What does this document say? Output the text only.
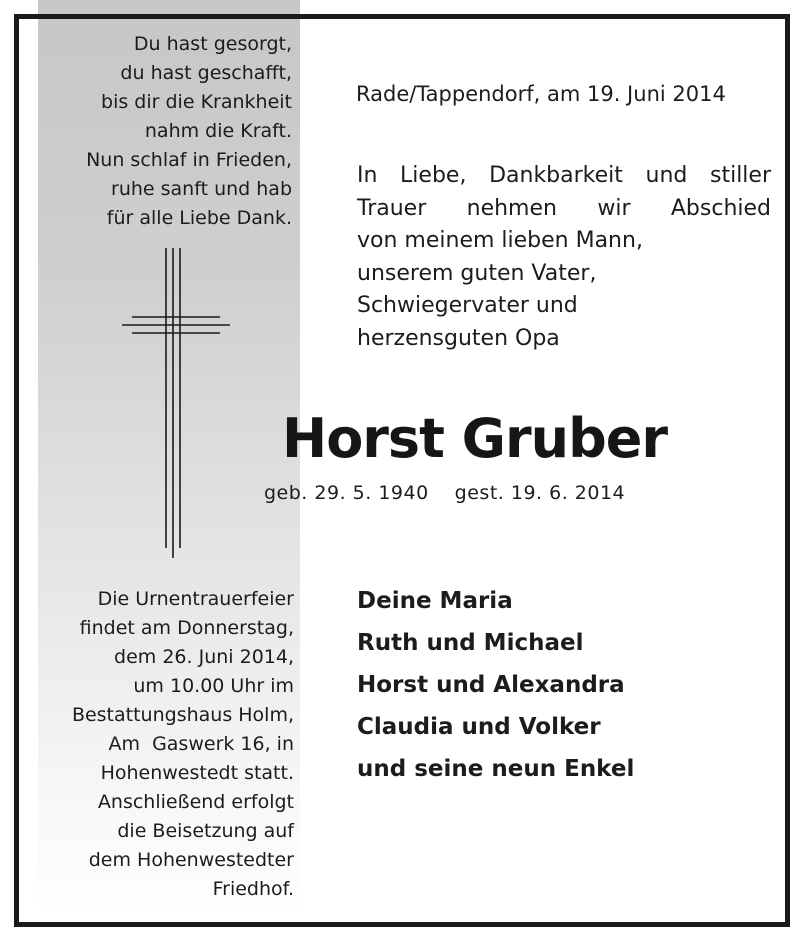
Du hast gesorgt,
du hast geschafft,
bis dir die Krankheit
nahm die Kraft.
Nun schlaf in Frieden,
ruhe sanft und hab
für alle Liebe Dank.
Die Urnentrauerfeier
findet am Donnerstag,
dem 26. Juni 2014,
um 10.00 Uhr im
Bestattungshaus Holm,
Am  Gaswerk 16, in
Hohenwestedt statt.
Anschließend erfolgt
die Beisetzung auf
dem Hohenwestedter
Friedhof.
Rade/Tappendorf, am 19. Juni 2014
In Liebe, Dankbarkeit und stiller
Trauer nehmen wir Abschied
von meinem lieben Mann,
unserem guten Vater,
Schwiegervater und
herzensguten Opa
Horst Gruber
geb. 29. 5. 1940 gest. 19. 6. 2014
Deine Maria
Ruth und Michael
Horst und Alexandra
Claudia und Volker
und seine neun Enkel
